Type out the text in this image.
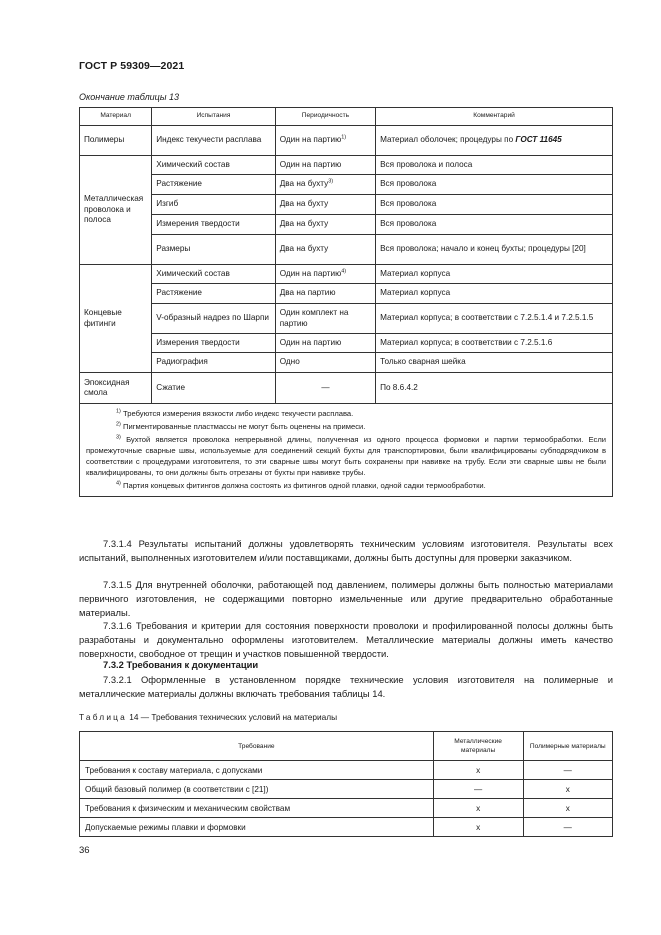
ГОСТ Р 59309—2021
Окончание таблицы 13
Материал	Испытания	Периодичность	Комментарий
Полимеры	Индекс текучести расплава	Один на партию$^{1)}$	Материал оболочек; процедуры по ГОСТ 11645
Металлическая проволока и полоса	Химический состав	Один на партию	Вся проволока и полоса
	Растяжение	Два на бухту$^{3)}$	Вся проволока
	Изгиб	Два на бухту	Вся проволока
	Измерения твердости	Два на бухту	Вся проволока
	Размеры	Два на бухту	Вся проволока; начало и конец бухты; процедуры [20]
Концевые фитинги	Химический состав	Один на партию$^{4)}$	Материал корпуса
	Растяжение	Два на партию	Материал корпуса
	V-образный надрез по Шарпи	Один комплект на партию	Материал корпуса; в соответствии с 7.2.5.1.4 и 7.2.5.1.5
	Измерения твердости	Один на партию	Материал корпуса; в соответствии с 7.2.5.1.6
	Радиография	Одно	Только сварная шейка
Эпоксидная смола	Сжатие	—	По 8.6.4.2

$^{1)}$ Требуются измерения вязкости либо индекс текучести расплава.
$^{2)}$ Пигментированные пластмассы не могут быть оценены на примеси.
$^{3)}$ Бухтой является проволока непрерывной длины, полученная из одного процесса формовки и партии термообработки. Если промежуточные сварные швы, используемые для соединений секций бухты для транспортировки, были квалифицированы субподрядчиком в соответствии с процедурами изготовителя, то эти сварные швы могут быть сохранены при навивке на трубу. Если эти сварные швы не были квалифицированы, то они должны быть отрезаны от бухты при навивке трубы.
$^{4)}$ Партия концевых фитингов должна состоять из фитингов одной плавки, одной садки термообработки.			
7.3.1.4 Результаты испытаний должны удовлетворять техническим условиям изготовителя. Результаты всех испытаний, выполненных изготовителем и/или поставщиками, должны быть доступны для проверки заказчиком.
7.3.1.5 Для внутренней оболочки, работающей под давлением, полимеры должны быть полностью материалами первичного изготовления, не содержащими повторно измельченные или другие предварительно обработанные материалы.
7.3.1.6 Требования и критерии для состояния поверхности проволоки и профилированной полосы должны быть разработаны и документально оформлены изготовителем. Металлические материалы должны иметь качество поверхности, свободное от трещин и участков повышенной твердости.
7.3.2 Требования к документации
7.3.2.1 Оформленные в установленном порядке технические условия изготовителя на полимерные и металлические материалы должны включать требования таблицы 14.
Таблица 14 — Требования технических условий на материалы
Требование	Металлические материалы	Полимерные материалы
Требования к составу материала, с допусками	x	—
Общий базовый полимер (в соответствии с [21])	—	x
Требования к физическим и механическим свойствам	x	x
Допускаемые режимы плавки и формовки	x	—
36
